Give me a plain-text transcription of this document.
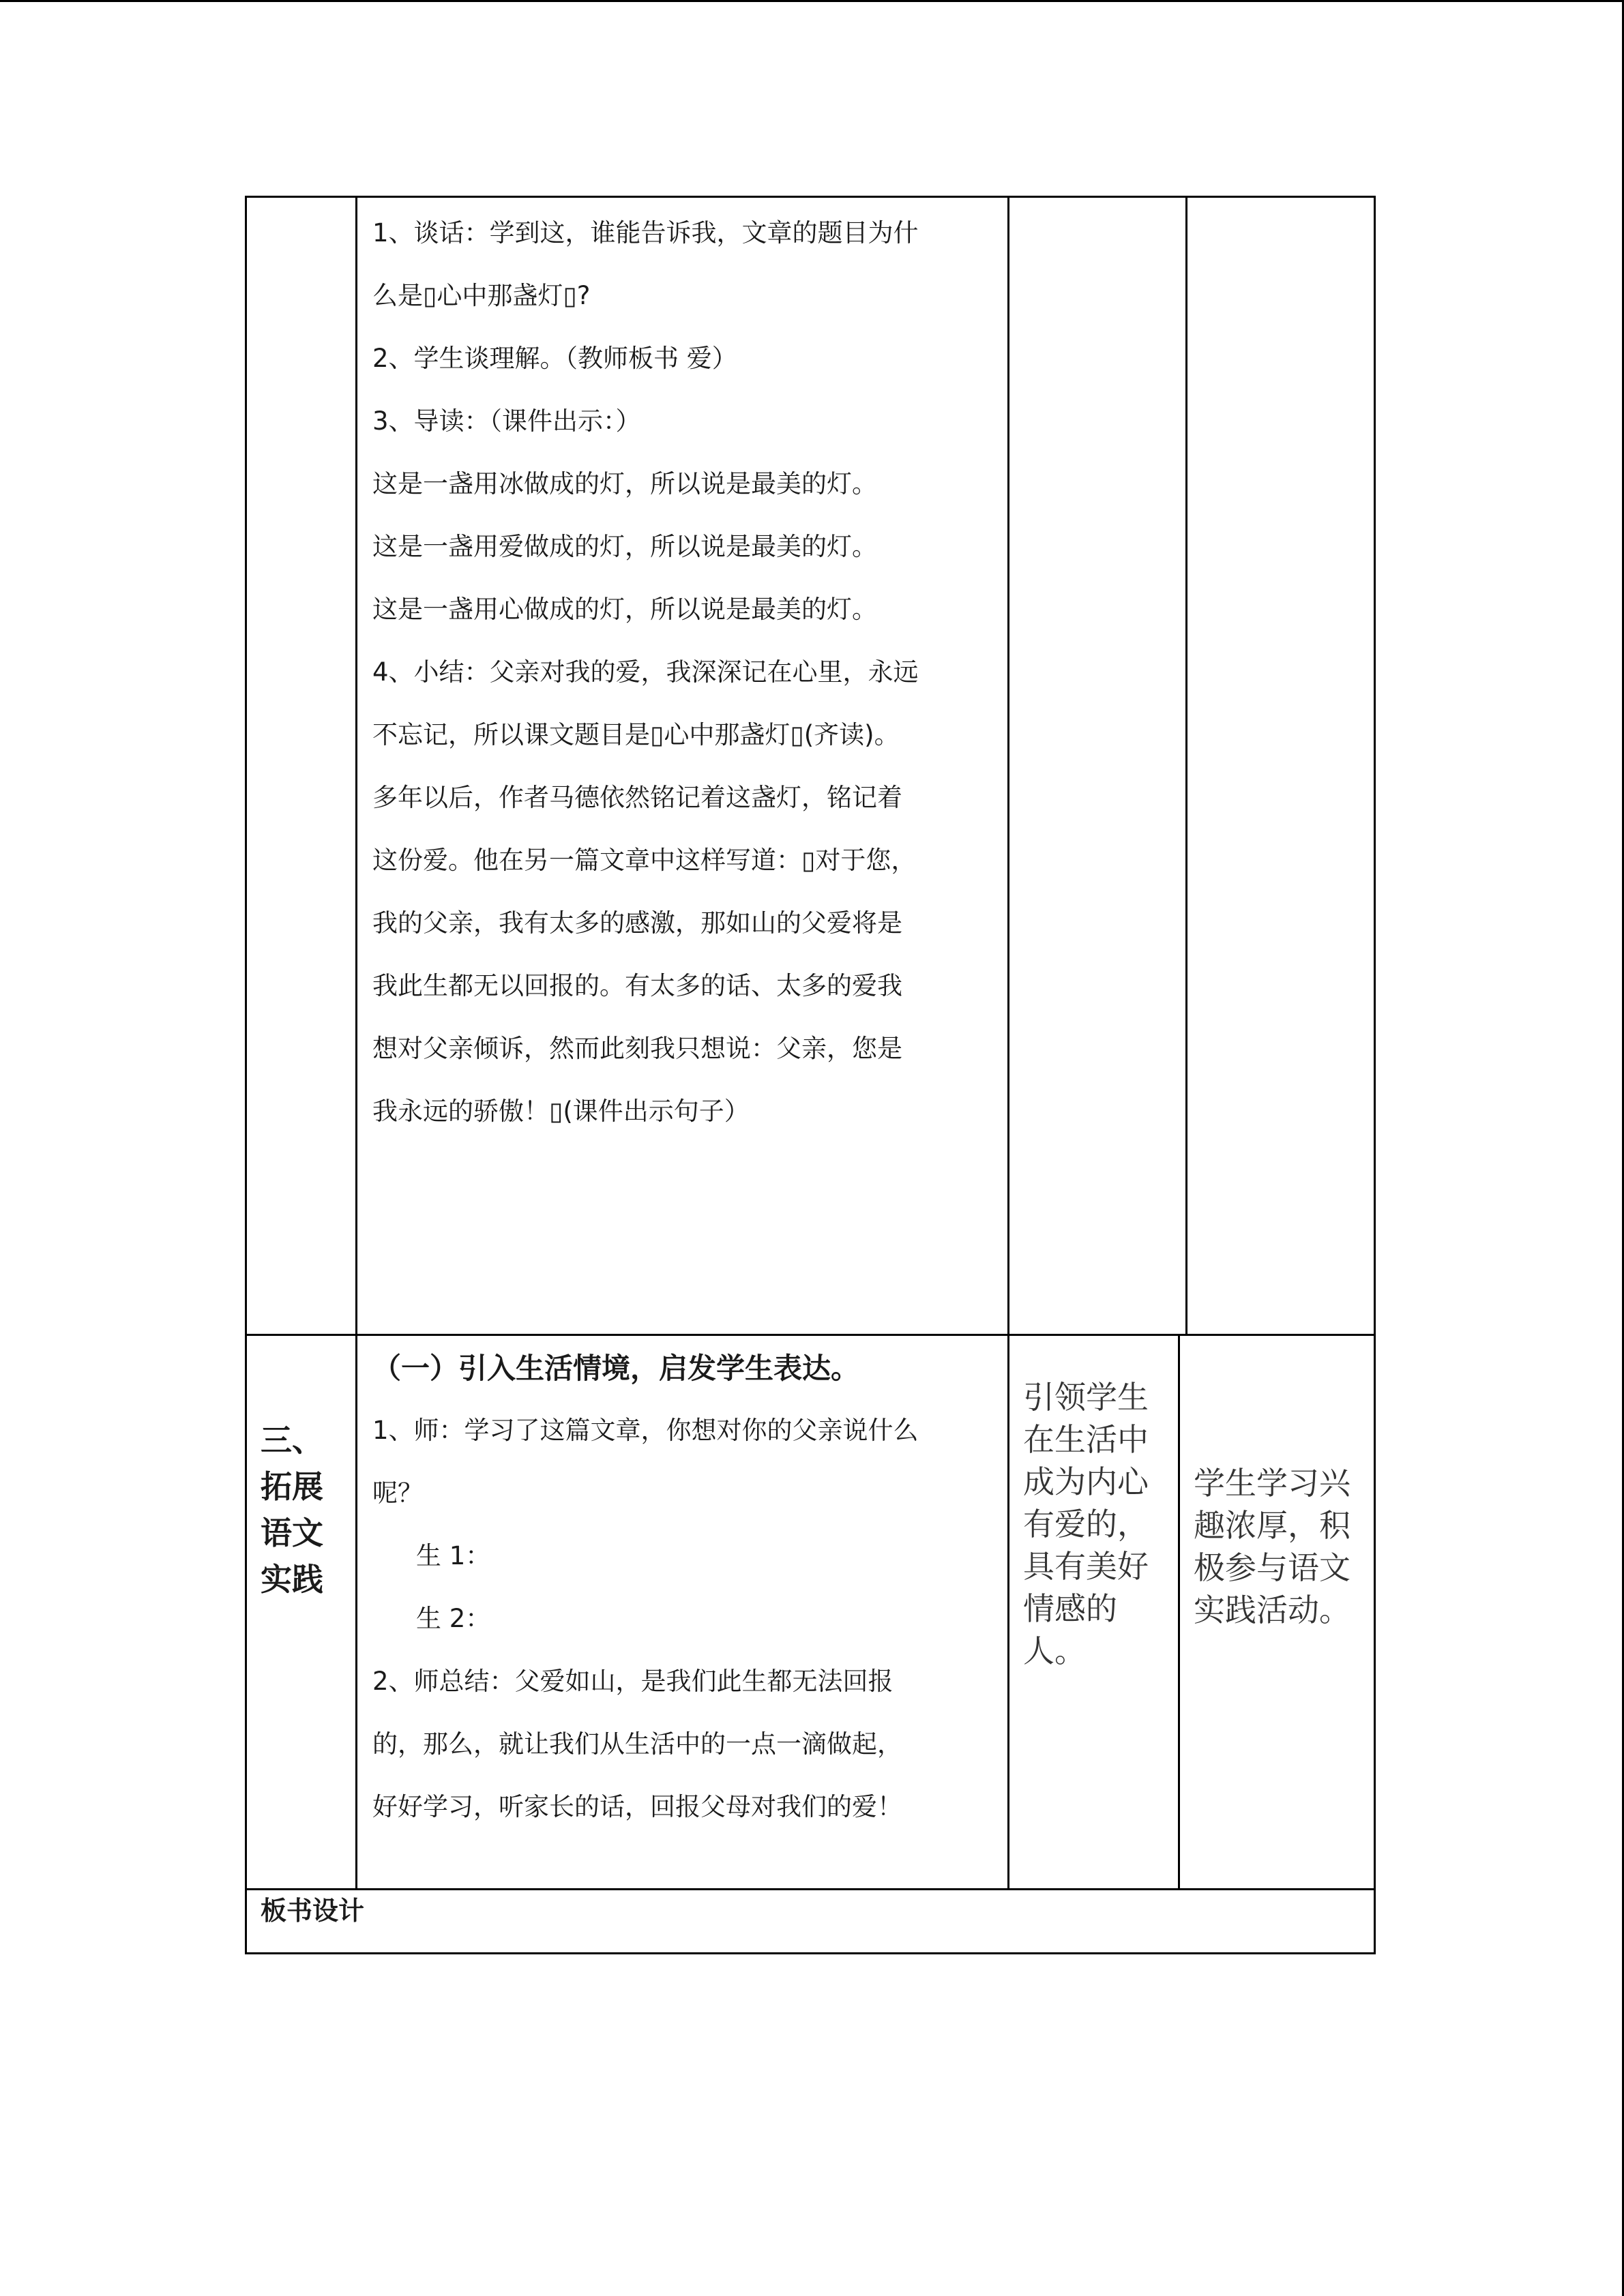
1、谈话：学到这，谁能告诉我，文章的题目为什
么是▯心中那盏灯▯?
2、学生谈理解。（教师板书 爱）
3、导读：（课件出示：）
这是一盏用冰做成的灯，所以说是最美的灯。
这是一盏用爱做成的灯，所以说是最美的灯。
这是一盏用心做成的灯，所以说是最美的灯。
4、小结：父亲对我的爱，我深深记在心里，永远
不忘记，所以课文题目是▯心中那盏灯▯(齐读)。
多年以后，作者马德依然铭记着这盏灯，铭记着
这份爱。他在另一篇文章中这样写道：▯对于您，
我的父亲，我有太多的感激，那如山的父爱将是
我此生都无以回报的。有太多的话、太多的爱我
想对父亲倾诉，然而此刻我只想说：父亲，您是
我永远的骄傲！▯(课件出示句子）
三、
拓展
语文
实践
（一）引入生活情境，启发学生表达。
1、师：学习了这篇文章，你想对你的父亲说什么
呢？
生 1：
生 2：
2、师总结：父爱如山，是我们此生都无法回报
的，那么，就让我们从生活中的一点一滴做起，
好好学习，听家长的话，回报父母对我们的爱！
引领学生
在生活中
成为内心
有爱的，
具有美好
情感的
人。
学生学习兴
趣浓厚，积
极参与语文
实践活动。
板书设计
